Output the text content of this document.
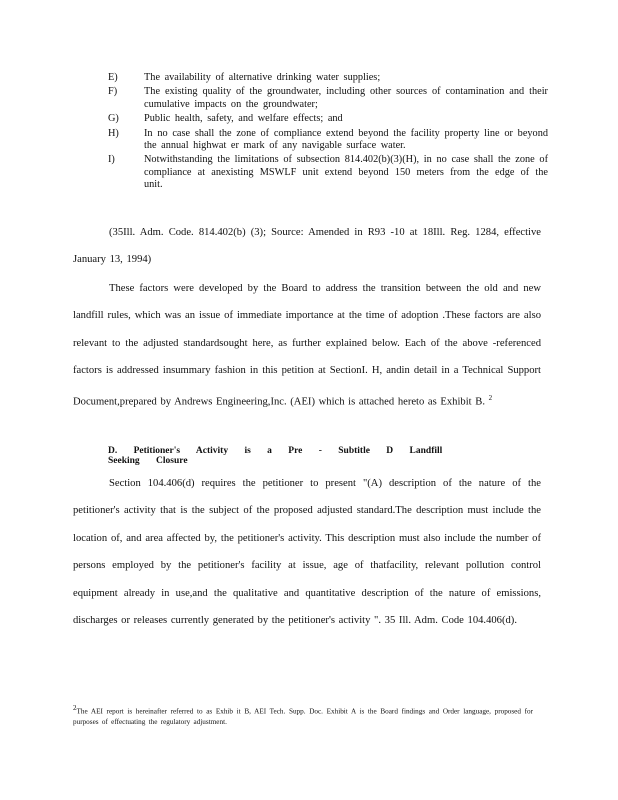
E)	The availability of alternative drinking water supplies;
F)	The existing quality of the groundwater, including other sources of contamination and their cumulative impacts on the groundwater;
G)	Public health, safety, and welfare effects; and
H)	In no case shall the zone of compliance extend beyond the facility property line or beyond the annual highwat er mark of any navigable surface water.
I)	Notwithstanding the limitations of subsection 814.402(b)(3)(H), in no case shall the zone of compliance at anexisting MSWLF unit extend beyond 150 meters from the edge of the unit.

(35Ill. Adm. Code. 814.402(b) (3); Source: Amended in R93 -10 at 18Ill. Reg. 1284, effective January 13, 1994)

These factors were developed by the Board to address the transition between the old and new landfill rules, which was an issue of immediate importance at the time of adoption .These factors are also relevant to the adjusted standardsought here, as further explained below. Each of the above -referenced factors is addressed insummary fashion in this petition at SectionI. H, andin detail in a Technical Support Document,prepared by Andrews Engineering,Inc. (AEI) which is attached hereto as Exhibit B. $^2$

D. Petitioner's Activity is a Pre - Subtitle D Landfill Seeking Closure

Section 104.406(d) requires the petitioner to present "(A) description of the nature of the petitioner's activity that is the subject of the proposed adjusted standard.The description must include the location of, and area affected by, the petitioner's activity. This description must also include the number of persons employed by the petitioner's facility at issue, age of thatfacility, relevant pollution control equipment already in use,and the qualitative and quantitative description of the nature of emissions, discharges or releases currently generated by the petitioner's activity ". 35 Ill. Adm. Code 104.406(d).

$^2$The AEI report is hereinafter referred to as Exhib it B, AEI Tech. Supp. Doc. Exhibit A is the Board findings and Order language, proposed for purposes of effectuating the regulatory adjustment.
